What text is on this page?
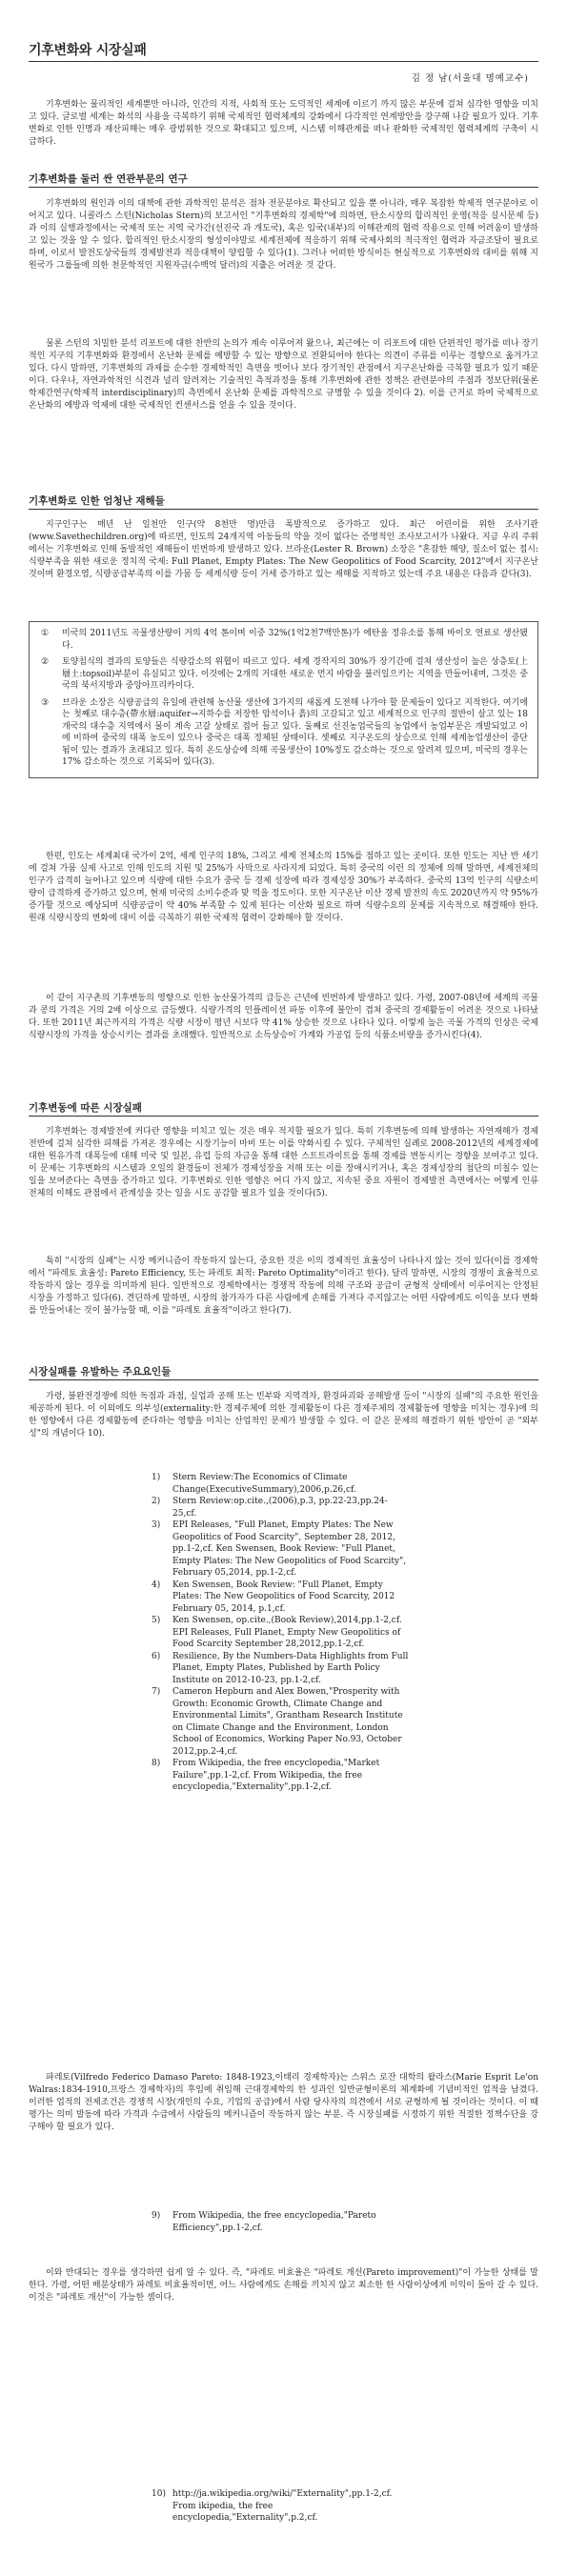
기후변화와 시장실패
김 정 남(서울대 명예교수)

기후변화는 물리적인 세계뿐만 아니라, 인간의 지적, 사회적 또는 도덕적인 세계에 이르기 까지 많은 부문에 걸쳐 심각한 영향을 미치고 있다. 글로벌 세계는 화석의 사용을 극복하기 위해 국제적인 협력체계의 강화에서 다각적인 연계방안을 강구해 나갈 필요가 있다. 기후변화로 인한 인명과 재산피해는 매우 광범위한 것으로 확대되고 있으며, 시스템 이해관계를 떠나 완화한 국제적인 협력체계의 구축이 시급하다.

기후변화를 둘러 싼 연관부문의 연구

기후변화의 원인과 이의 대책에 관한 과학적인 분석은 점차 전문분야로 확산되고 있을 뿐 아니라, 매우 복잡한 학제적 연구분야로 이어지고 있다. 니콜라스 스턴(Nicholas Stern)의 보고서인 "기후변화의 경제학"에 의하면, 탄소시장의 합리적인 운영(적응 실시문제 등)과 이의 실행과정에서는 국제적 또는 지역 국가간(선진국 과 개도국), 혹은 임국(내부)의 이해관계의 협력 작용으로 인해 어려움이 발생하고 있는 것을 알 수 있다. 합리적인 탄소시장의 형성이야말로 세계전체에 적응하기 위해 국제사회의 적극적인 협력과 자금조달이 필요로 하며, 이로서 발전도상국들의 경제발전과 적응대책이 양립할 수 있다(1). 그러나 어떠한 방식이든 현실적으로 기후변화의 대비를 위해 지원국가 그룹들에 의한 천문학적인 지원자금(수백억 달러)의 지출은 어려운 것 같다.

물론 스턴의 치밀한 분석 리포트에 대한 찬반의 논의가 계속 이루어져 왔으나, 최근에는 이 리포트에 대한 단편적인 평가를 떠나 장기적인 지구의 기후변화와 환경에서 온난화 문제를 예방할 수 있는 방향으로 전환되어야 한다는 의견이 주류를 이루는 경향으로 옮겨가고 있다. 다시 말하면, 기후변화의 과제를 순수한 경제학적인 측면을 벗어나 보다 장기적인 관점에서 지구온난화를 극복할 필요가 있기 때문이다. 다우나, 자연과학적인 식견과 널리 알려져는 기술적인 측적과정을 통해 기후변화에 관한 정책은 관련분야의 주점과 정보단위(물론 학제간연구(학제적 interdisciplinary)의 측면에서 온난화 문제를 과학적으로 규명할 수 있을 것이다 2). 이를 근거로 하여 국제적으로 온난화의 예방과 억제에 대한 국제적인 컨센서스를 얻을 수 있을 것이다.

기후변화로 인한 엄청난 재해들

지구인구는 매년 난 일천만 인구(약 8천만 명)만큼 폭발적으로 증가하고 있다. 최근 어린이를 위한 조사기관(www.Savethechildren.org)에 따르면, 인도의 24개지역 아동들의 약을 것이 없다는 증명적인 조사보고서가 나왔다. 지금 우리 주위에서는 기후변화로 인해 돌발적인 재해들이 빈번하게 발생하고 있다. 브라운(Lester R. Brown) 소장은 "혼잡한 해양, 질소이 없는 접시: 식량부족을 위한 새로운 정치적 국제: Full Planet, Empty Plates: The New Geopolitics of Food Scarcity, 2012"에서 지구온난 것이며 환경오염, 식량공급부족의 이를 가뭄 등 세계식량 등이 거세 증가하고 있는 재해를 지적하고 있는데 주요 내용은 다음과 같다(3).

① 미국의 2011년도 곡물생산량이 거의 4억 톤이며 이중 32%(1억2천7백만톤)가 에탄올 정유소를 통해 바이오 연료로 생산됐다.
② 토양침식의 결과의 토양들은 식량감소의 위협이 따르고 있다. 세계 경작지의 30%가 장기간에 걸쳐 생산성이 높은 상층토(上層土:topsoil)부분이 유실되고 있다. 이것에는 2개의 거대한 새로운 먼지 바람을 불러일으키는 지역을 만들어내며, 그것은 중국의 북서지방과 중앙아프리카이다.
③ 브라운 소장은 식량공급의 유일에 관련해 농산물 생산에 3가지의 새롭게 도전해 나가야 할 문제들이 있다고 지적한다. 여기에는 첫째로 대수층(帶水層:aquifer→지하수를 저장한 암석이나 흙)의 고갈되고 있고 세계적으로 인구의 절반이 살고 있는 18개국의 대수층 지역에서 물이 계속 고갈 상태로 접어 들고 있다. 둘째로 선진농업국들의 농업에서 농업부문은 개발되었고 이에 비하여 중국의 대폭 농도이 있으나 중국은 대폭 정체된 상태이다. 셋째로 지구온도의 상승으로 인해 세계농업생산이 중단됨이 있는 결과가 초래되고 있다. 특히 온도상승에 의해 곡물생산이 10%정도 감소하는 것으로 알려져 있으며, 미국의 경우는 17% 감소하는 것으로 기록되어 있다(3).

한편, 인도는 세계최대 국가이 2억, 세계 인구의 18%, 그리고 세계 전체소의 15%를 점하고 있는 곳이다. 또한 인도는 지난 반 세기에 걸쳐 가뭄 실제 사고로 인해 인도의 지원 및 25%가 사막으로 사라지게 되었다. 특히 중국의 이런 의 정체에 의해 말하면, 세계전체의 인구가 급격히 늘어나고 있으며 식량에 대한 수요가 중국 등 경제 성장에 따라 경제성장 30%가 부족하다. 중국의 13억 인구의 식량소비량이 급격하게 증가하고 있으며, 현재 미국의 소비수준과 맞 먹을 정도이다. 또한 지구온난 이산 경제 발전의 속도 2020년까지 약 95%가 증가할 것으로 예상되며 식량공급이 약 40% 부족할 수 있게 된다는 이산화 필요로 하며 식량수요의 문제를 지속적으로 해결해야 한다. 원래 식량시장의 변화에 대비 이를 극복하기 위한 국제적 협력이 강화해야 할 것이다.

이 같이 지구촌의 기후변동의 영향으로 인한 농산물가격의 급등은 근년에 빈번하게 발생하고 있다. 가령, 2007-08년에 세계의 곡물과 콩의 가격은 거의 2배 이상으로 급등했다. 식량가격의 인플레이션 파동 이후에 불안이 겹쳐 중국의 경제활동이 어려운 것으로 나타났다. 또한 2011년 최근까지의 가격은 식량 시장이 평년 시보다 약 41% 상승한 것으로 나타나 있다. 이렇게 높은 곡물 가격의 인상은 국제 식량시장의 가격을 상승시키는 결과를 초래했다. 일반적으로 소득상승이 가계와 가공업 등의 식품소비량을 증가시킨다(4).

기후변동에 따른 시장실패

기후변화는 경제발전에 커다란 영향을 미치고 있는 것은 매우 적지할 필요가 있다. 특히 기후변동에 의해 발생하는 자연재해가 경제전반에 걸쳐 심각한 피해를 가져온 경우에는 시장기능이 마비 또는 이를 약화시킬 수 있다. 구체적인 실례로 2008-2012년의 세계경제에 대한 원유가격 대폭등에 대해 미국 및 일본, 유럽 등의 자금을 통해 대한 스트트라이트를 통해 경제를 변동시키는 경향을 보여주고 있다. 이 문제는 기후변화의 시스템과 오일의 환경들이 전체가 경제성장을 저해 또는 이를 장애시키거나, 혹은 경제성장의 첨단의 미칠수 있는 일을 보여준다는 측면을 증가하고 있다. 기후변화로 인한 영향은 어디 가지 않고, 지속된 중요 자원이 경제발전 측면에서는 어떻게 인류 전체의 이해도 관점에서 관계성을 갖는 일을 시도 공감할 필요가 있을 것이다(5).

특히 "시장의 실패"는 시장 메커니즘이 작동하지 않는다, 중요한 것은 이의 경제적인 효율성이 나타나지 않는 것이 있다(이를 경제학에서 "파레토 효율성: Pareto Efficiency, 또는 파레토 최적: Pareto Optimality"이라고 한다). 달리 말하면, 시장의 경쟁이 효율적으로 작동하지 않는 경우를 의미하게 된다. 일반적으로 경제학에서는 경쟁적 작동에 의해 구조와 공급이 균형적 상태에서 이루어지는 안정된 시장을 가정하고 있다(6). 견딘하게 말하면, 시장의 참가자가 다른 사람에게 손해를 가져다 주지않고는 어떤 사람에게도 이익을 보다 변화를 만들어내는 것이 불가능할 때, 이를 "파레토 효율적"이라고 한다(7).

시장실패를 유발하는 주요요인들

가령, 불완전경쟁에 의한 독점과 과점, 실업과 공해 또는 빈부와 지역격차, 환경파괴와 공해발생 등이 "시장의 실패"의 주요한 원인을 제공하게 된다. 이 이외에도 의부성(externality:한 경제주체에 의한 경제활동이 다른 경제주체의 경제활동에 영향을 미치는 경우)에 의한 영향에서 다른 경제활동에 준다하는 영향을 미치는 산업적인 문제가 발생할 수 있다. 이 같은 문제의 해결하기 위한 방안이 곧 "외부성"의 개념이다 10).

1) Stern Review:The Economics of Climate Change(ExecutiveSummary),2006,p.26,cf.
2) Stern Review:op.cite.,(2006),p.3, pp.22-23,pp.24-25,cf.
3) EPI Releases, "Full Planet, Empty Plates: The New Geopolitics of Food Scarcity", September 28, 2012, pp.1-2,cf. Ken Swensen, Book Review: "Full Planet, Empty Plates: The New Geopolitics of Food Scarcity", February 05,2014, pp.1-2,cf.
4) Ken Swensen, Book Review: "Full Planet, Empty Plates: The New Geopolitics of Food Scarcity, 2012 February 05, 2014, p.1,cf.
5) Ken Swensen, op.cite.,(Book Review),2014,pp.1-2,cf. EPI Releases, Full Planet, Empty New Geopolitics of Food Scarcity September 28,2012,pp.1-2,cf.
6) Resilience, By the Numbers-Data Highlights from Full Planet, Empty Plates, Published by Earth Policy Institute on 2012-10-23, pp.1-2,cf.
7) Cameron Hepburn and Alex Bowen,"Prosperity with Growth: Economic Growth, Climate Change and Environmental Limits", Grantham Research Institute on Climate Change and the Environment, London School of Economics, Working Paper No.93, October 2012,pp.2-4,cf.
8) From Wikipedia, the free encyclopedia,"Market Failure",pp.1-2,cf. From Wikipedia, the free encyclopedia,"Externality",pp.1-2,cf.

파레토(Vilfredo Federico Damaso Pareto: 1848-1923,이태리 경제학자)는 스위스 로잔 대학의 왈라스(Marie Esprit Le'on Walras:1834-1910,프랑스 경제학자)의 후임에 취임해 근대경제학의 한 성과인 일반균형이론의 체계화에 기념비적인 업적을 남겼다. 이러한 업적의 전제조건은 경쟁적 시장(개인의 수요, 기업의 공급)에서 사람 당사자의 의견에서 서로 균형하게 될 것이라는 것이다. 이 때 평가는 의미 발동에 따라 가격과 수급에서 사람들의 메커니즘이 작동하지 않는 부분. 즉 시장실패를 시정하기 위한 적절한 정책수단을 강구해야 할 필요가 있다.

9) From Wikipedia, the free encyclopedia,"Pareto Efficiency",pp.1-2,cf.

이와 반대되는 경우를 생각하면 쉽게 알 수 있다. 즉, "파레토 비효율은 "파레토 개선(Pareto improvement)"이 가능한 상태를 말한다. 가령, 어떤 배분상태가 파레토 비효율적이면, 어느 사람에게도 손해를 끼치지 않고 최소한 한 사람이상에게 이익이 돌아 갈 수 있다. 이것은 "파레토 개선"이 가능한 셈이다.

10) http://ja.wikipedia.org/wiki/"Externality",pp.1-2,cf. From ikipedia, the free encyclopedia,"Externality",p.2,cf.
